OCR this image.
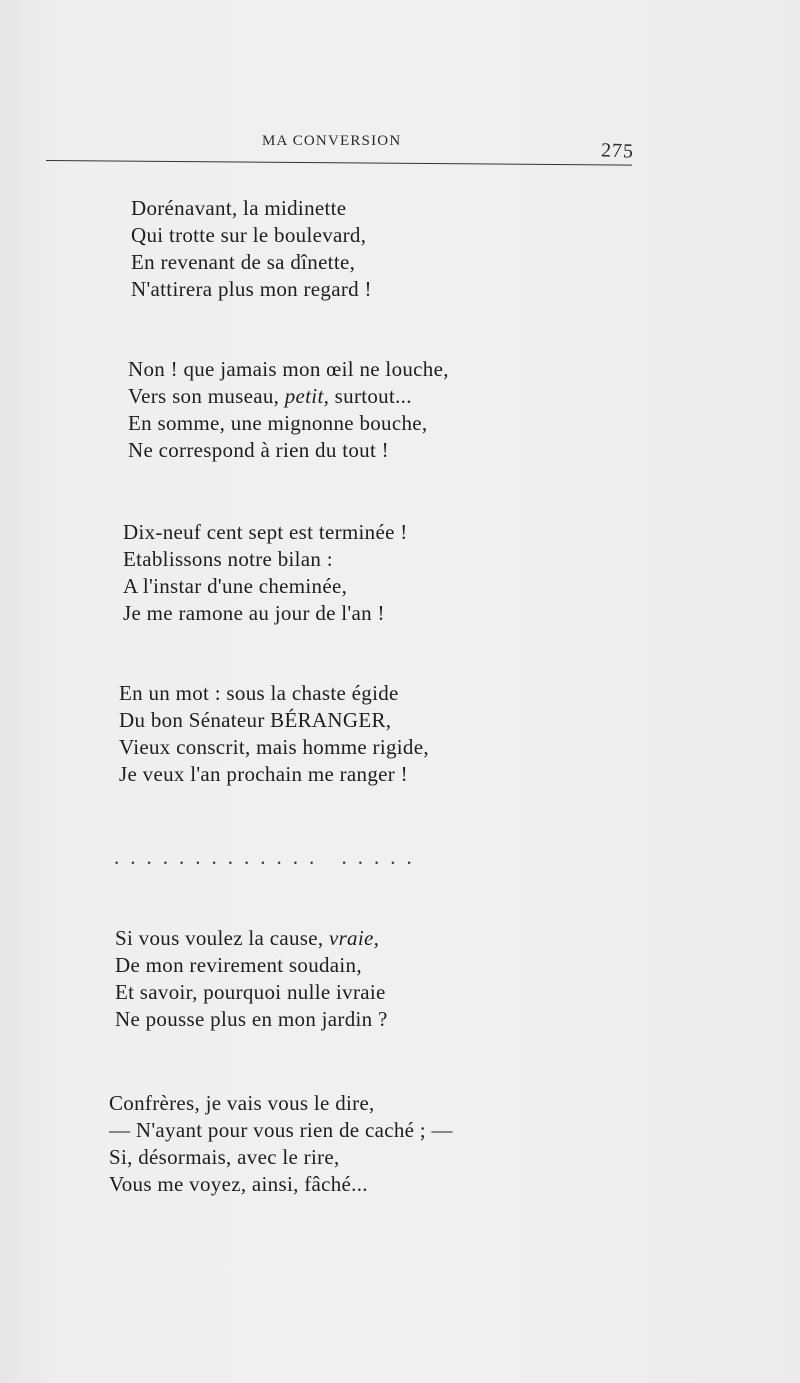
MA CONVERSION	275
Dorénavant, la midinette
Qui trotte sur le boulevard,
En revenant de sa dînette,
N'attirera plus mon regard !
Non ! que jamais mon œil ne louche,
Vers son museau, petit, surtout...
En somme, une mignonne bouche,
Ne correspond à rien du tout !
Dix-neuf cent sept est terminée !
Etablissons notre bilan :
A l'instar d'une cheminée,
Je me ramone au jour de l'an !
En un mot : sous la chaste égide
Du bon Sénateur BÉRANGER,
Vieux conscrit, mais homme rigide,
Je veux l'an prochain me ranger !
............. .....
Si vous voulez la cause, vraie,
De mon revirement soudain,
Et savoir, pourquoi nulle ivraie
Ne pousse plus en mon jardin ?
Confrères, je vais vous le dire,
— N'ayant pour vous rien de caché ; —
Si, désormais, avec le rire,
Vous me voyez, ainsi, fâché...
